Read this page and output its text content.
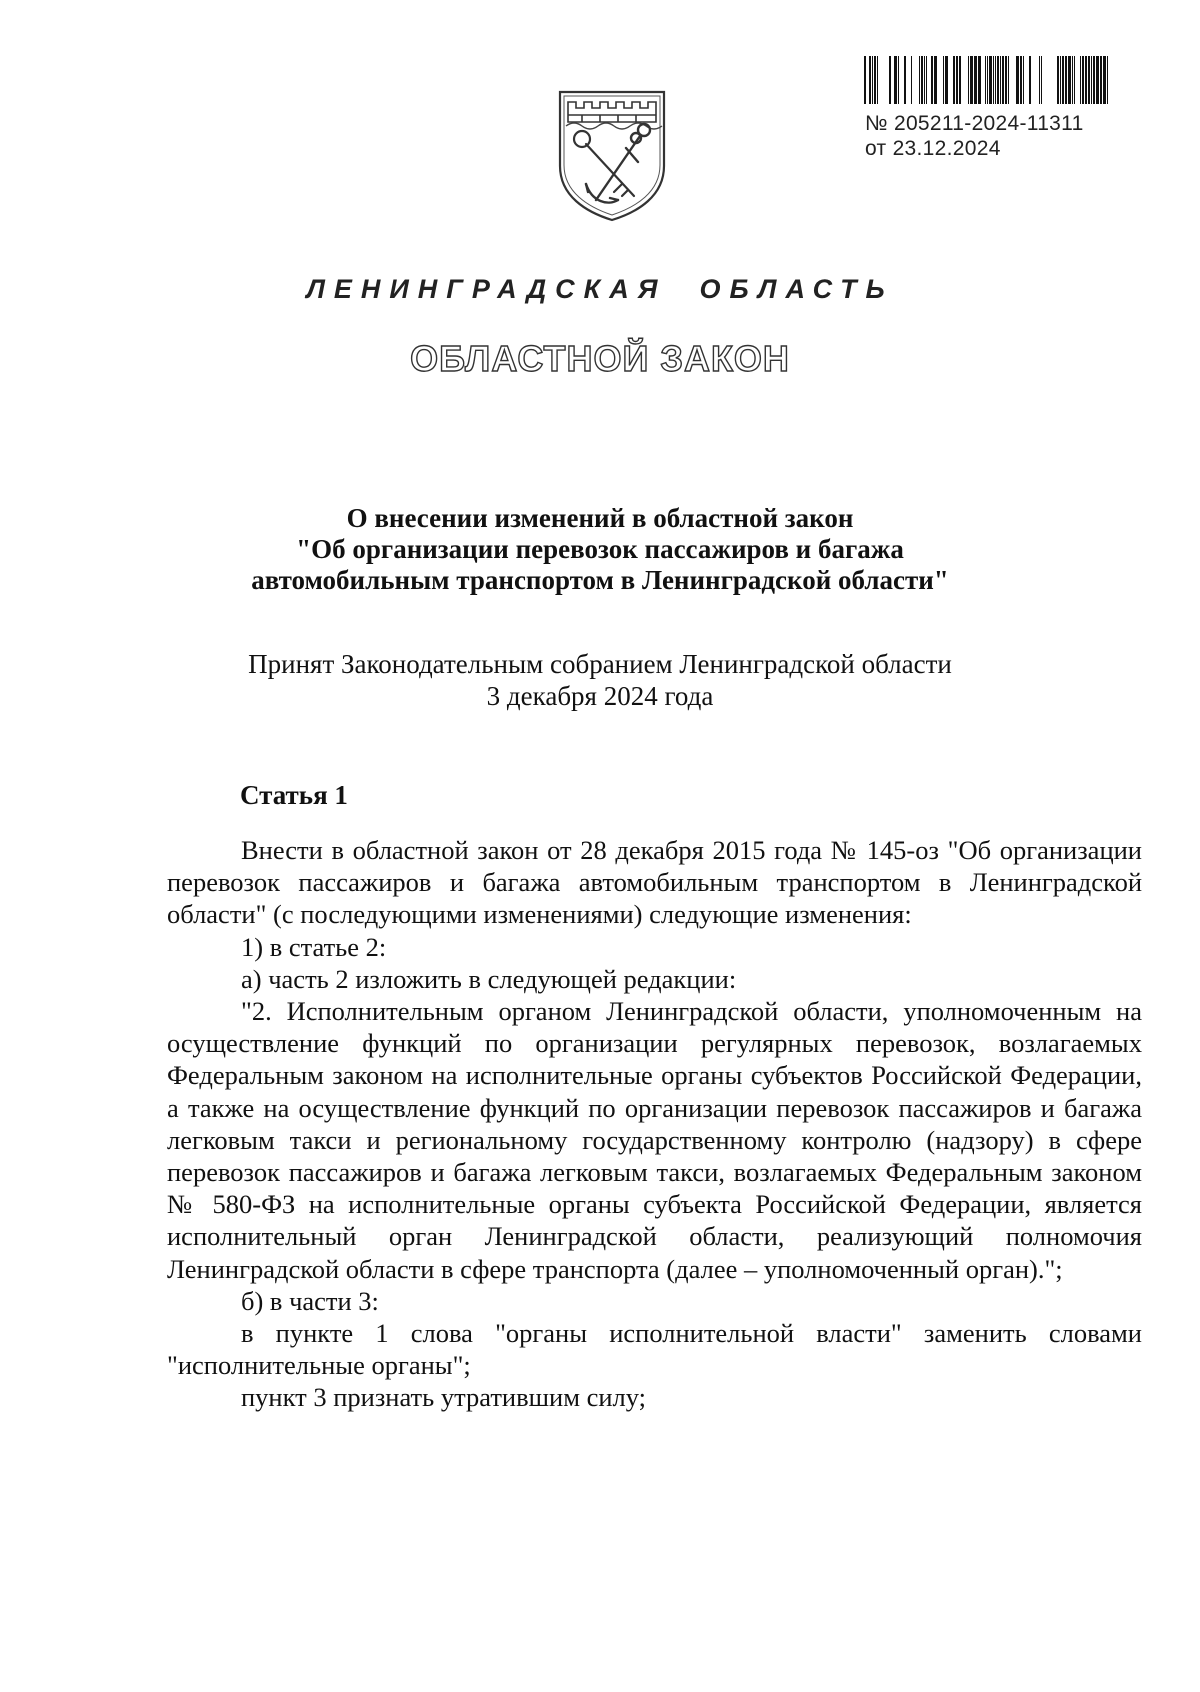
№ 205211-2024-11311
от 23.12.2024
ЛЕНИНГРАДСКАЯ  ОБЛАСТЬ
ОБЛАСТНОЙ ЗАКОН
О внесении изменений в областной закон
"Об организации перевозок пассажиров и багажа
автомобильным транспортом в Ленинградской области"
Принят Законодательным собранием Ленинградской области
3 декабря 2024 года
Статья 1

Внести в областной закон от 28 декабря 2015 года № 145-оз "Об организации перевозок пассажиров и багажа автомобильным транспортом в Ленинградской области" (с последующими изменениями) следующие изменения:

1) в статье 2:

а) часть 2 изложить в следующей редакции:

"2. Исполнительным органом Ленинградской области, уполномоченным на осуществление функций по организации регулярных перевозок, возлагаемых Федеральным законом на исполнительные органы субъектов Российской Федерации, а также на осуществление функций по организации перевозок пассажиров и багажа легковым такси и региональному государственному контролю (надзору) в сфере перевозок пассажиров и багажа легковым такси, возлагаемых Федеральным законом № 580-ФЗ на исполнительные органы субъекта Российской Федерации, является исполнительный орган Ленинградской области, реализующий полномочия Ленинградской области в сфере транспорта (далее – уполномоченный орган).";

б) в части 3:

в пункте 1 слова "органы исполнительной власти" заменить словами "исполнительные органы";

пункт 3 признать утратившим силу;
